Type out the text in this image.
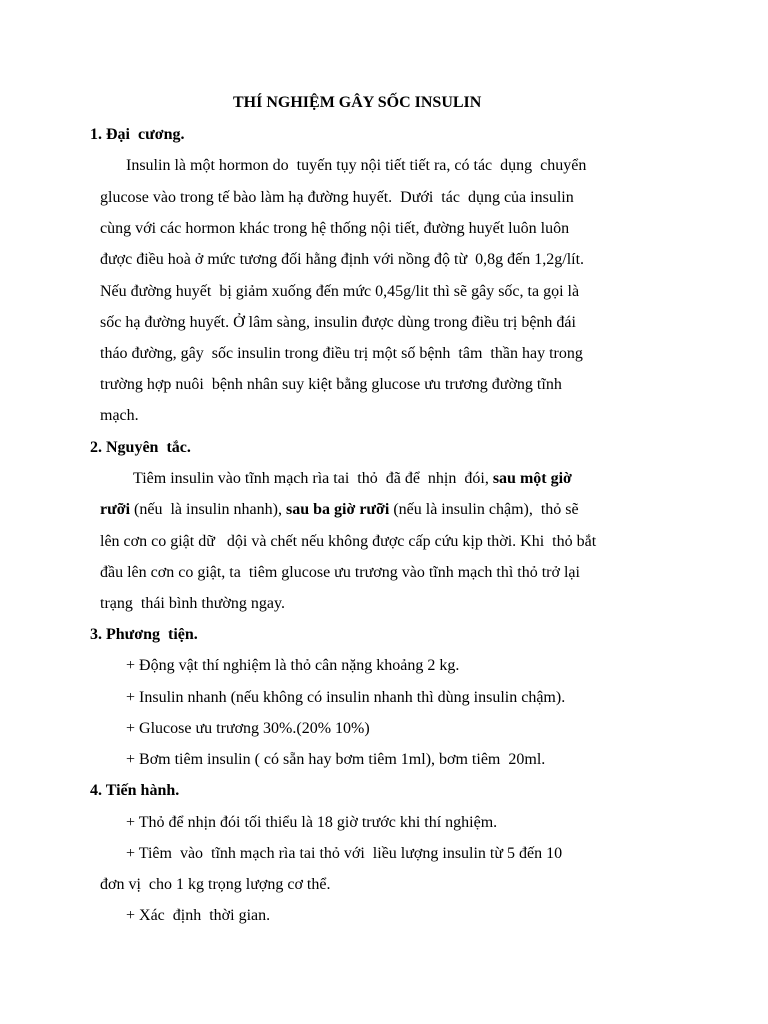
THÍ NGHIỆM GÂY SỐC INSULIN
1. Đại  cương.
Insulin là một hormon do  tuyến tụy nội tiết tiết ra, có tác  dụng  chuyển
glucose vào trong tế bào làm hạ đường huyết.  Dưới  tác  dụng của insulin
cùng với các hormon khác trong hệ thống nội tiết, đường huyết luôn luôn
được điều hoà ở mức tương đối hằng định với nồng độ từ  0,8g đến 1,2g/lít.
Nếu đường huyết  bị giảm xuống đến mức 0,45g/lit thì sẽ gây sốc, ta gọi là
sốc hạ đường huyết. Ở lâm sàng, insulin được dùng trong điều trị bệnh đái
tháo đường, gây  sốc insulin trong điều trị một số bệnh  tâm  thần hay trong
trường hợp nuôi  bệnh nhân suy kiệt bằng glucose ưu trương đường tĩnh
mạch.
2. Nguyên  tắc.
Tiêm insulin vào tĩnh mạch rìa tai  thỏ  đã để  nhịn  đói, sau một giờ
rưỡi (nếu  là insulin nhanh), sau ba giờ rưỡi (nếu là insulin chậm),  thỏ sẽ
lên cơn co giật dữ   dội và chết nếu không được cấp cứu kịp thời. Khi  thỏ bắt
đầu lên cơn co giật, ta  tiêm glucose ưu trương vào tĩnh mạch thì thỏ trở lại
trạng  thái bình thường ngay.
3. Phương  tiện.
+ Động vật thí nghiệm là thỏ cân nặng khoảng 2 kg.
+ Insulin nhanh (nếu không có insulin nhanh thì dùng insulin chậm).
+ Glucose ưu trương 30%.(20% 10%)
+ Bơm tiêm insulin ( có sẵn hay bơm tiêm 1ml), bơm tiêm  20ml.
4. Tiến hành.
+ Thỏ để nhịn đói tối thiểu là 18 giờ trước khi thí nghiệm.
+ Tiêm  vào  tĩnh mạch rìa tai thỏ với  liều lượng insulin từ 5 đến 10
đơn vị  cho 1 kg trọng lượng cơ thể.
+ Xác  định  thời gian.
